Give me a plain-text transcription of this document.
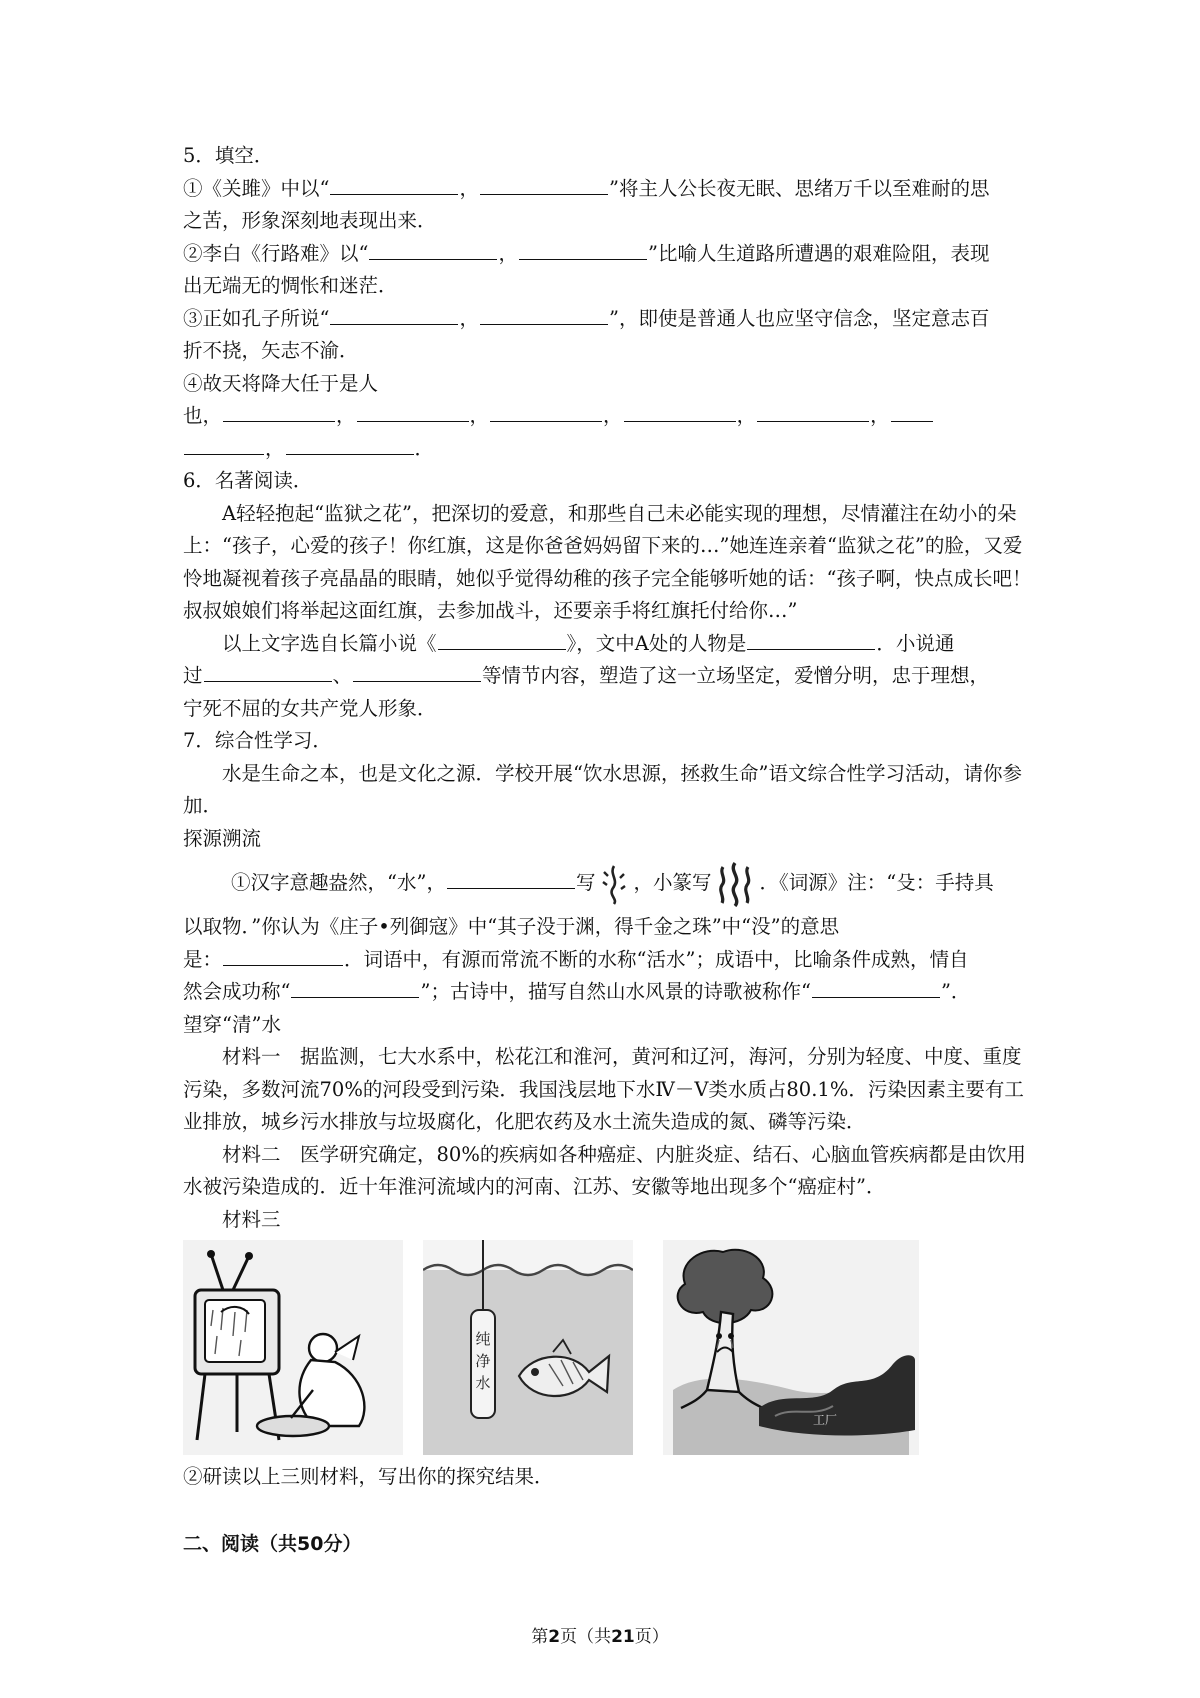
5．填空．
①《关雎》中以“	，	”将主人公长夜无眠、思绪万千以至难耐的思
之苦，形象深刻地表现出来．
②李白《行路难》以“	，	”比喻人生道路所遭遇的艰难险阻，表现
出无端无的惆怅和迷茫．
③正如孔子所说“	，	”，即使是普通人也应坚守信念，坚定意志百
折不挠，矢志不渝．
④故天将降大任于是人
也，	，	，	，	，	，
，	．
6．名著阅读．
A轻轻抱起“监狱之花”，把深切的爱意，和那些自己未必能实现的理想，尽情灌注在幼小的朵上：“孩子，心爱的孩子！你红旗，这是你爸爸妈妈留下来的…”她连连亲着“监狱之花”的脸，又爱怜地凝视着孩子亮晶晶的眼睛，她似乎觉得幼稚的孩子完全能够听她的话：“孩子啊，快点成长吧！叔叔娘娘们将举起这面红旗，去参加战斗，还要亲手将红旗托付给你…”
以上文字选自长篇小说《	》，文中A处的人物是	．小说通
过	、	等情节内容，塑造了这一立场坚定，爱憎分明，忠于理想，
宁死不屈的女共产党人形象．
7．综合性学习．
水是生命之本，也是文化之源．学校开展“饮水思源，拯救生命”语文综合性学习活动，请你参加．
探源溯流
①汉字意趣盎然，“水”，	写 ，小篆写 ．《词源》注：“殳：手持具
以取物．”你认为《庄子•列御寇》中“其子没于渊，得千金之珠”中“没”的意思
是：	．词语中，有源而常流不断的水称“活水”；成语中，比喻条件成熟，情自
然会成功称“	”；古诗中，描写自然山水风景的诗歌被称作“	”．
望穿“清”水
材料一　据监测，七大水系中，松花江和淮河，黄河和辽河，海河，分别为轻度、中度、重度污染，多数河流70%的河段受到污染．我国浅层地下水Ⅳ－Ⅴ类水质占80.1%．污染因素主要有工业排放，城乡污水排放与垃圾腐化，化肥农药及水土流失造成的氮、磷等污染．
材料二　医学研究确定，80%的疾病如各种癌症、内脏炎症、结石、心脑血管疾病都是由饮用水被污染造成的．近十年淮河流域内的河南、江苏、安徽等地出现多个“癌症村”．
材料三
纯
净
水
工厂
②研读以上三则材料，写出你的探究结果．
二、阅读（共50分）
第2页（共21页）
